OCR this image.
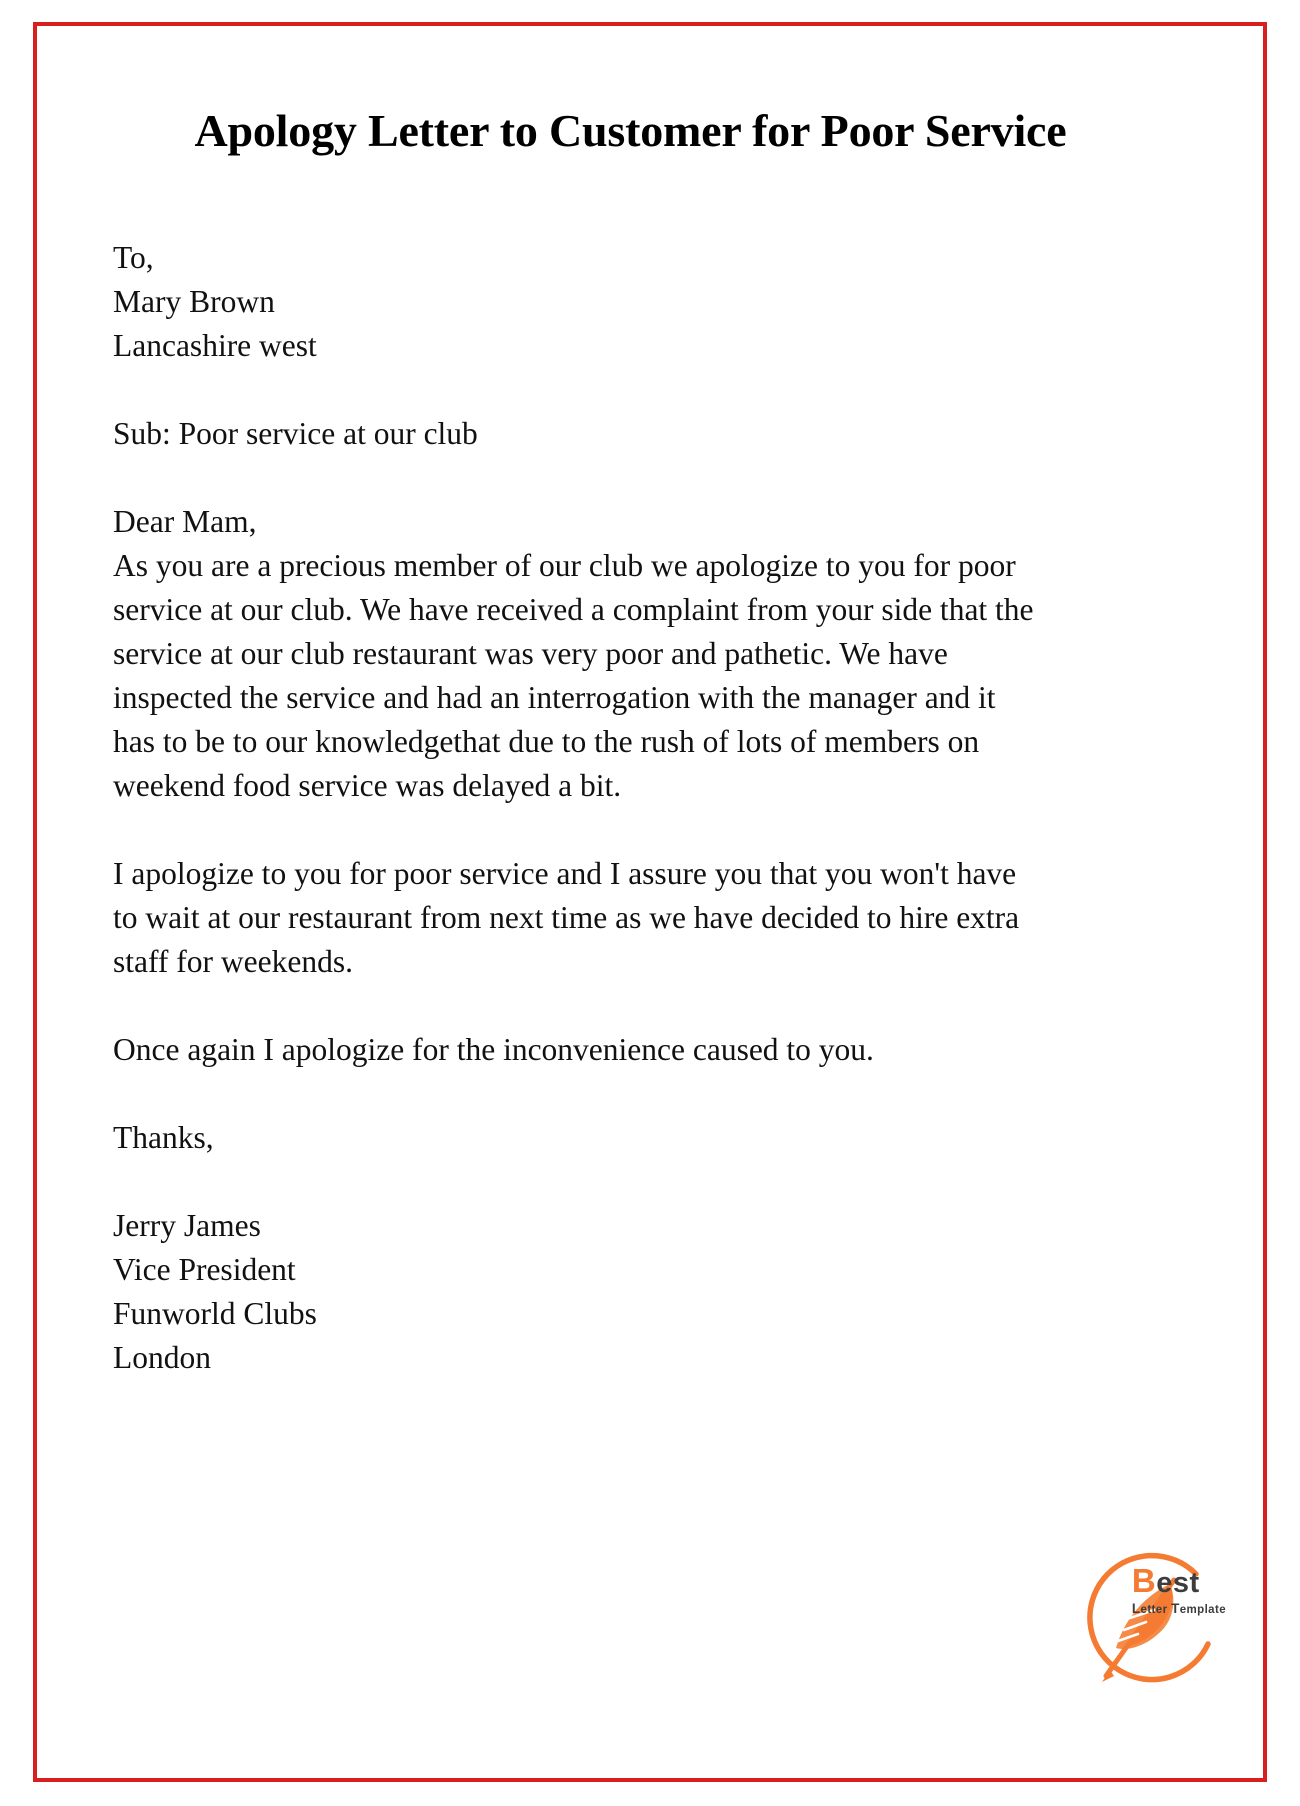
Apology Letter to Customer for Poor Service
To,
Mary Brown
Lancashire west
Sub: Poor service at our club
Dear Mam,

As you are a precious member of our club we apologize to you for poor service at our club. We have received a complaint from your side that the service at our club restaurant was very poor and pathetic. We have inspected the service and had an interrogation with the manager and it has to be to our knowledgethat due to the rush of lots of members on weekend food service was delayed a bit.

I apologize to you for poor service and I assure you that you won't have to wait at our restaurant from next time as we have decided to hire extra staff for weekends.

Once again I apologize for the inconvenience caused to you.

Thanks,
Jerry James
Vice President
Funworld Clubs
London
Best
Letter Template
